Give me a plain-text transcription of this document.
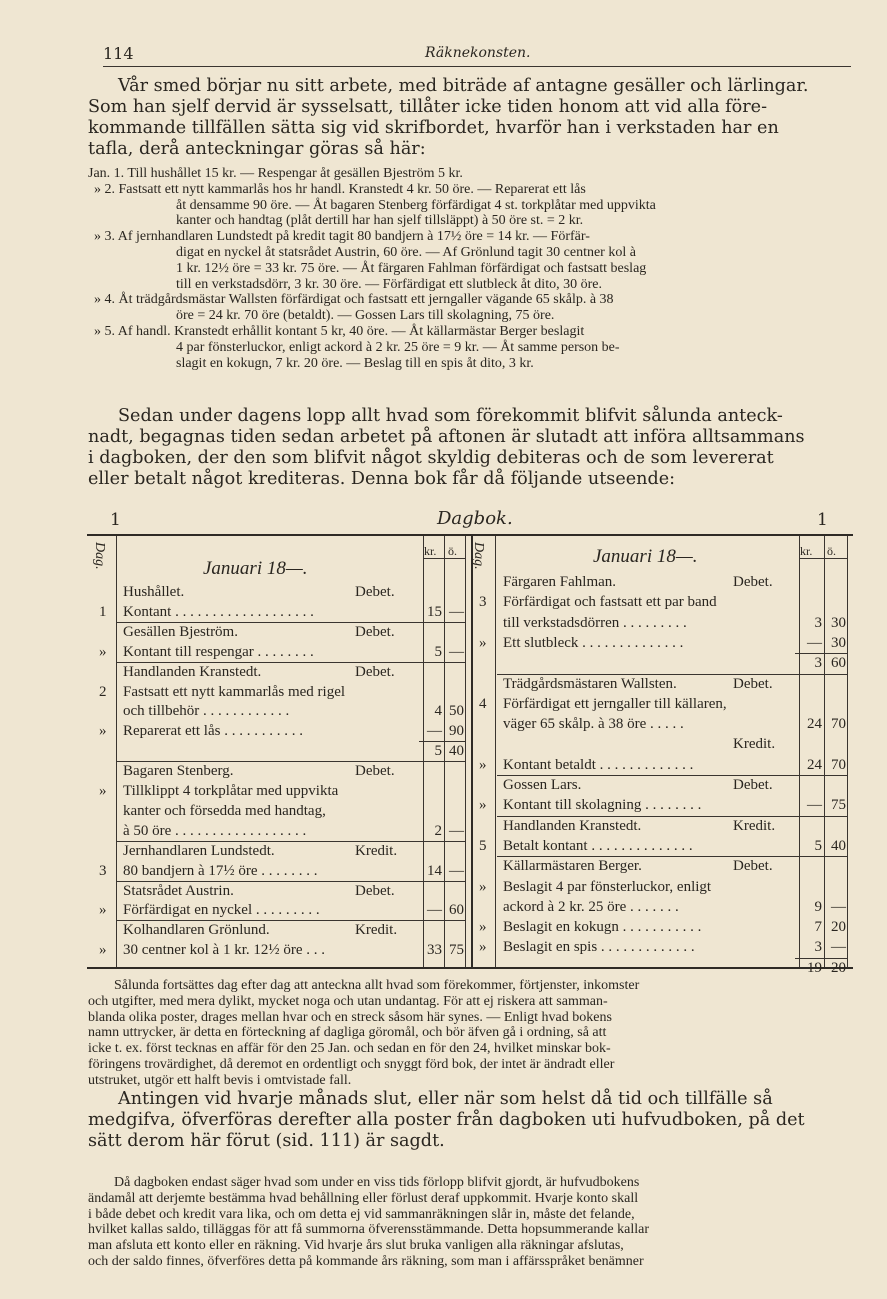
114	Räknekonsten.

Vår smed börjar nu sitt arbete, med biträde af antagne gesäller och lärlingar.

Som han sjelf dervid är sysselsatt, tillåter icke tiden honom att vid alla före-

kommande tillfällen sätta sig vid skrifbordet, hvarför han i verkstaden har en

tafla, derå anteckningar göras så här:

Jan. 1. Till hushållet 15 kr. — Respengar åt gesällen Bjeström 5 kr.

» 2. Fastsatt ett nytt kammarlås hos hr handl. Kranstedt 4 kr. 50 öre. — Reparerat ett lås

åt densamme 90 öre. — Åt bagaren Stenberg förfärdigat 4 st. torkplåtar med uppvikta

kanter och handtag (plåt dertill har han sjelf tillsläppt) à 50 öre st. = 2 kr.

» 3. Af jernhandlaren Lundstedt på kredit tagit 80 bandjern à 17½ öre = 14 kr. — Förfär-

digat en nyckel åt statsrådet Austrin, 60 öre. — Af Grönlund tagit 30 centner kol à

1 kr. 12½ öre = 33 kr. 75 öre. — Åt färgaren Fahlman förfärdigat och fastsatt beslag

till en verkstadsdörr, 3 kr. 30 öre. — Förfärdigat ett slutbleck åt dito, 30 öre.

» 4. Åt trädgårdsmästar Wallsten förfärdigat och fastsatt ett jerngaller vägande 65 skålp. à 38

öre = 24 kr. 70 öre (betaldt). — Gossen Lars till skolagning, 75 öre.

» 5. Af handl. Kranstedt erhållit kontant 5 kr, 40 öre. — Åt källarmästar Berger beslagit

4 par fönsterluckor, enligt ackord à 2 kr. 25 öre = 9 kr. — Åt samme person be-

slagit en kokugn, 7 kr. 20 öre. — Beslag till en spis åt dito, 3 kr.

Sedan under dagens lopp allt hvad som förekommit blifvit sålunda anteck-

nadt, begagnas tiden sedan arbetet på aftonen är slutadt att införa alltsammans

i dagboken, der den som blifvit något skyldig debiteras och de som levererat

eller betalt något krediteras. Denna bok får då följande utseende:

1	Dagbok.	1
Dag.	Dag.
kr. ö.	kr. ö.
Januari 18—.
Januari 18—.
Hushållet.	Debet.
1 Kontant . . . . . . . . . . . . . . . . . . .	15 —
Gesällen Bjeström.	Debet.
» Kontant till respengar . . . . . . . .	5 —
Handlanden Kranstedt.	Debet.
2 Fastsatt ett nytt kammarlås med rigel
och tillbehör . . . . . . . . . . . .	4 50
» Reparerat ett lås . . . . . . . . . . .	— 90
5 40
Bagaren Stenberg.	Debet.
» Tillklippt 4 torkplåtar med uppvikta
kanter och försedda med handtag,
à 50 öre . . . . . . . . . . . . . . . . . .	2 —
Jernhandlaren Lundstedt.	Kredit.
3 80 bandjern à 17½ öre . . . . . . . .	14 —
Statsrådet Austrin.	Debet.
» Förfärdigat en nyckel . . . . . . . . .	— 60
Kolhandlaren Grönlund.	Kredit.
» 30 centner kol à 1 kr. 12½ öre . . .	33 75
Färgaren Fahlman.	Debet.
3 Förfärdigat och fastsatt ett par band
till verkstadsdörren . . . . . . . . .	3 30
» Ett slutbleck . . . . . . . . . . . . . .	— 30
3 60
Trädgårdsmästaren Wallsten.	Debet.
4 Förfärdigat ett jerngaller till källaren,
väger 65 skålp. à 38 öre . . . . .	24 70
Kredit.
» Kontant betaldt . . . . . . . . . . . . .	24 70
Gossen Lars.	Debet.
» Kontant till skolagning . . . . . . . .	— 75
Handlanden Kranstedt.	Kredit.
5 Betalt kontant . . . . . . . . . . . . . .	5 40
Källarmästaren Berger.	Debet.
» Beslagit 4 par fönsterluckor, enligt
ackord à 2 kr. 25 öre . . . . . . .	9 —
» Beslagit en kokugn . . . . . . . . . . .	7 20
» Beslagit en spis . . . . . . . . . . . . .	3 —
19 20

Sålunda fortsättes dag efter dag att anteckna allt hvad som förekommer, förtjenster, inkomster

och utgifter, med mera dylikt, mycket noga och utan undantag. För att ej riskera att samman-

blanda olika poster, drages mellan hvar och en streck såsom här synes. — Enligt hvad bokens

namn uttrycker, är detta en förteckning af dagliga göromål, och bör äfven gå i ordning, så att

icke t. ex. först tecknas en affär för den 25 Jan. och sedan en för den 24, hvilket minskar bok-

föringens trovärdighet, då deremot en ordentligt och snyggt förd bok, der intet är ändradt eller

utstruket, utgör ett halft bevis i omtvistade fall.

Antingen vid hvarje månads slut, eller när som helst då tid och tillfälle så

medgifva, öfverföras derefter alla poster från dagboken uti hufvudboken, på det

sätt derom här förut (sid. 111) är sagdt.

Då dagboken endast säger hvad som under en viss tids förlopp blifvit gjordt, är hufvudbokens

ändamål att derjemte bestämma hvad behållning eller förlust deraf uppkommit. Hvarje konto skall

i både debet och kredit vara lika, och om detta ej vid sammanräkningen slår in, måste det felande,

hvilket kallas saldo, tilläggas för att få summorna öfverensstämmande. Detta hopsummerande kallar

man afsluta ett konto eller en räkning. Vid hvarje års slut bruka vanligen alla räkningar afslutas,

och der saldo finnes, öfverföres detta på kommande års räkning, som man i affärsspråket benämner
